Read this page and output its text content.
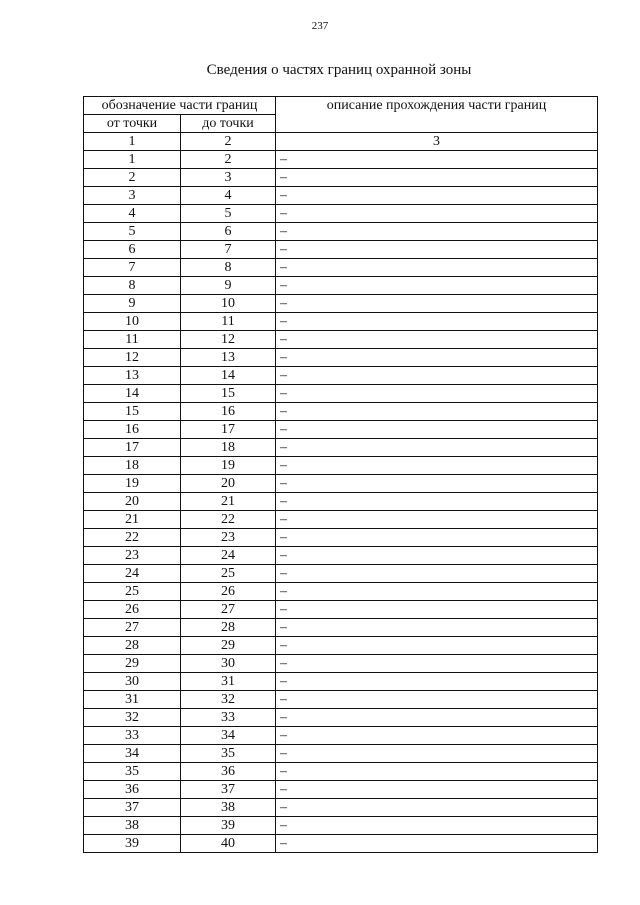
237
Сведения о частях границ охранной зоны
обозначение части границ		описание прохождения части границ
от точки	до точки	
1	2	3
1	2	–
2	3	–
3	4	–
4	5	–
5	6	–
6	7	–
7	8	–
8	9	–
9	10	–
10	11	–
11	12	–
12	13	–
13	14	–
14	15	–
15	16	–
16	17	–
17	18	–
18	19	–
19	20	–
20	21	–
21	22	–
22	23	–
23	24	–
24	25	–
25	26	–
26	27	–
27	28	–
28	29	–
29	30	–
30	31	–
31	32	–
32	33	–
33	34	–
34	35	–
35	36	–
36	37	–
37	38	–
38	39	–
39	40	–
